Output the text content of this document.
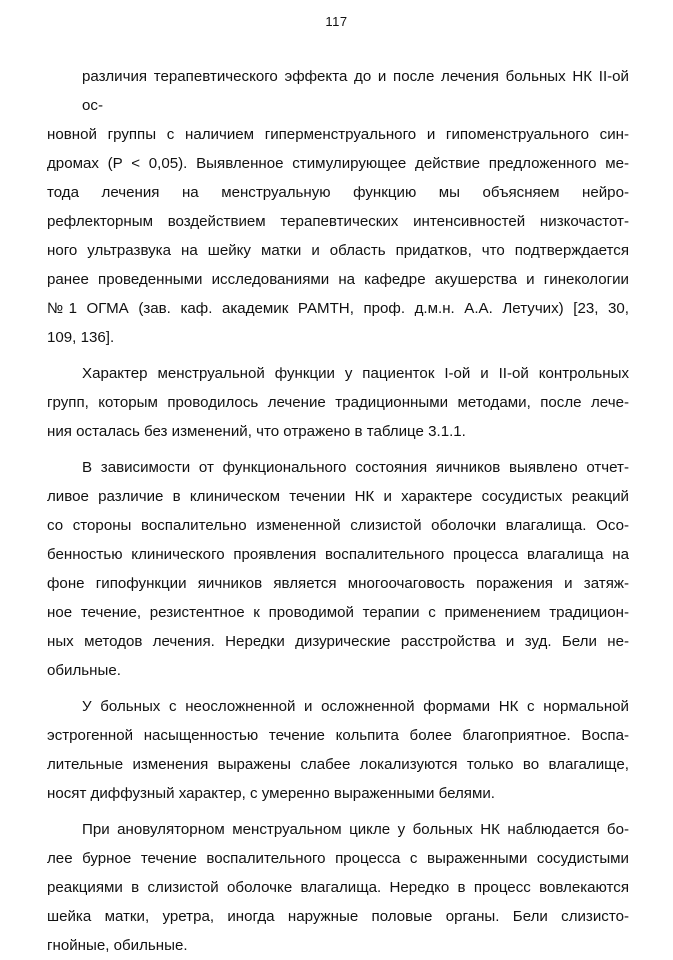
117

различия терапевтического эффекта до и после лечения больных НК II-ой ос-
новной группы с наличием гиперменструального и гипоменструального син-
дромах (P < 0,05). Выявленное стимулирующее действие предложенного ме-
тода лечения на менструальную функцию мы объясняем нейро-
рефлекторным воздействием терапевтических интенсивностей низкочастот-
ного ультразвука на шейку матки и область придатков, что подтверждается
ранее проведенными исследованиями на кафедре акушерства и гинекологии
№1 ОГМА (зав. каф. академик РАМТН, проф. д.м.н. А.А. Летучих) [23, 30,
109, 136].

Характер менструальной функции у пациенток I-ой и II-ой контрольных
групп, которым проводилось лечение традиционными методами, после лече-
ния осталась без изменений, что отражено в таблице 3.1.1.

В зависимости от функционального состояния яичников выявлено отчет-
ливое различие в клиническом течении НК и характере сосудистых реакций
со стороны воспалительно измененной слизистой оболочки влагалища. Осо-
бенностью клинического проявления воспалительного процесса влагалища на
фоне гипофункции яичников является многоочаговость поражения и затяж-
ное течение, резистентное к проводимой терапии с применением традицион-
ных методов лечения. Нередки дизурические расстройства и зуд. Бели не-
обильные.

У больных с неосложненной и осложненной формами НК с нормальной
эстрогенной насыщенностью течение кольпита более благоприятное. Воспа-
лительные изменения выражены слабее локализуются только во влагалище,
носят диффузный характер, с умеренно выраженными белями.

При ановуляторном менструальном цикле у больных НК наблюдается бо-
лее бурное течение воспалительного процесса с выраженными сосудистыми
реакциями в слизистой оболочке влагалища. Нередко в процесс вовлекаются
шейка матки, уретра, иногда наружные половые органы. Бели слизисто-
гнойные, обильные.
